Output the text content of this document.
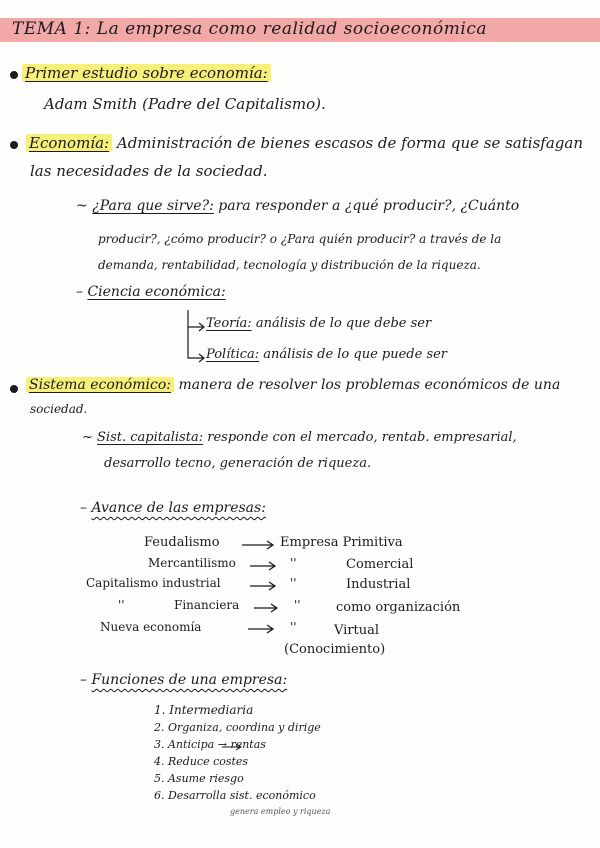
TEMA 1: La empresa como realidad socioeconómica
Primer estudio sobre economía:
Adam Smith (Padre del Capitalismo).
Economía: Administración de bienes escasos de forma que se satisfagan
las necesidades de la sociedad.
~ ¿Para que sirve?: para responder a ¿qué producir?, ¿Cuánto
producir?, ¿cómo producir? o ¿Para quién producir? a través de la
demanda, rentabilidad, tecnología y distribución de la riqueza.
– Ciencia económica:
Teoría: análisis de lo que debe ser
Política: análisis de lo que puede ser
Sistema económico: manera de resolver los problemas económicos de una
sociedad.
~ Sist. capitalista: responde con el mercado, rentab. empresarial,
desarrollo tecno, generación de riqueza.
– Avance de las empresas:
Feudalismo	Empresa Primitiva
Mercantilismo	''	Comercial
Capitalismo industrial	''	Industrial
''	Financiera	''	como organización
Nueva economía	''	Virtual
(Conocimiento)
– Funciones de una empresa:
1. Intermediaria
2. Organiza, coordina y dirige
3. Anticipa → rentas
4. Reduce costes
5. Asume riesgo
6. Desarrolla sist. económico
genera empleo y riqueza
